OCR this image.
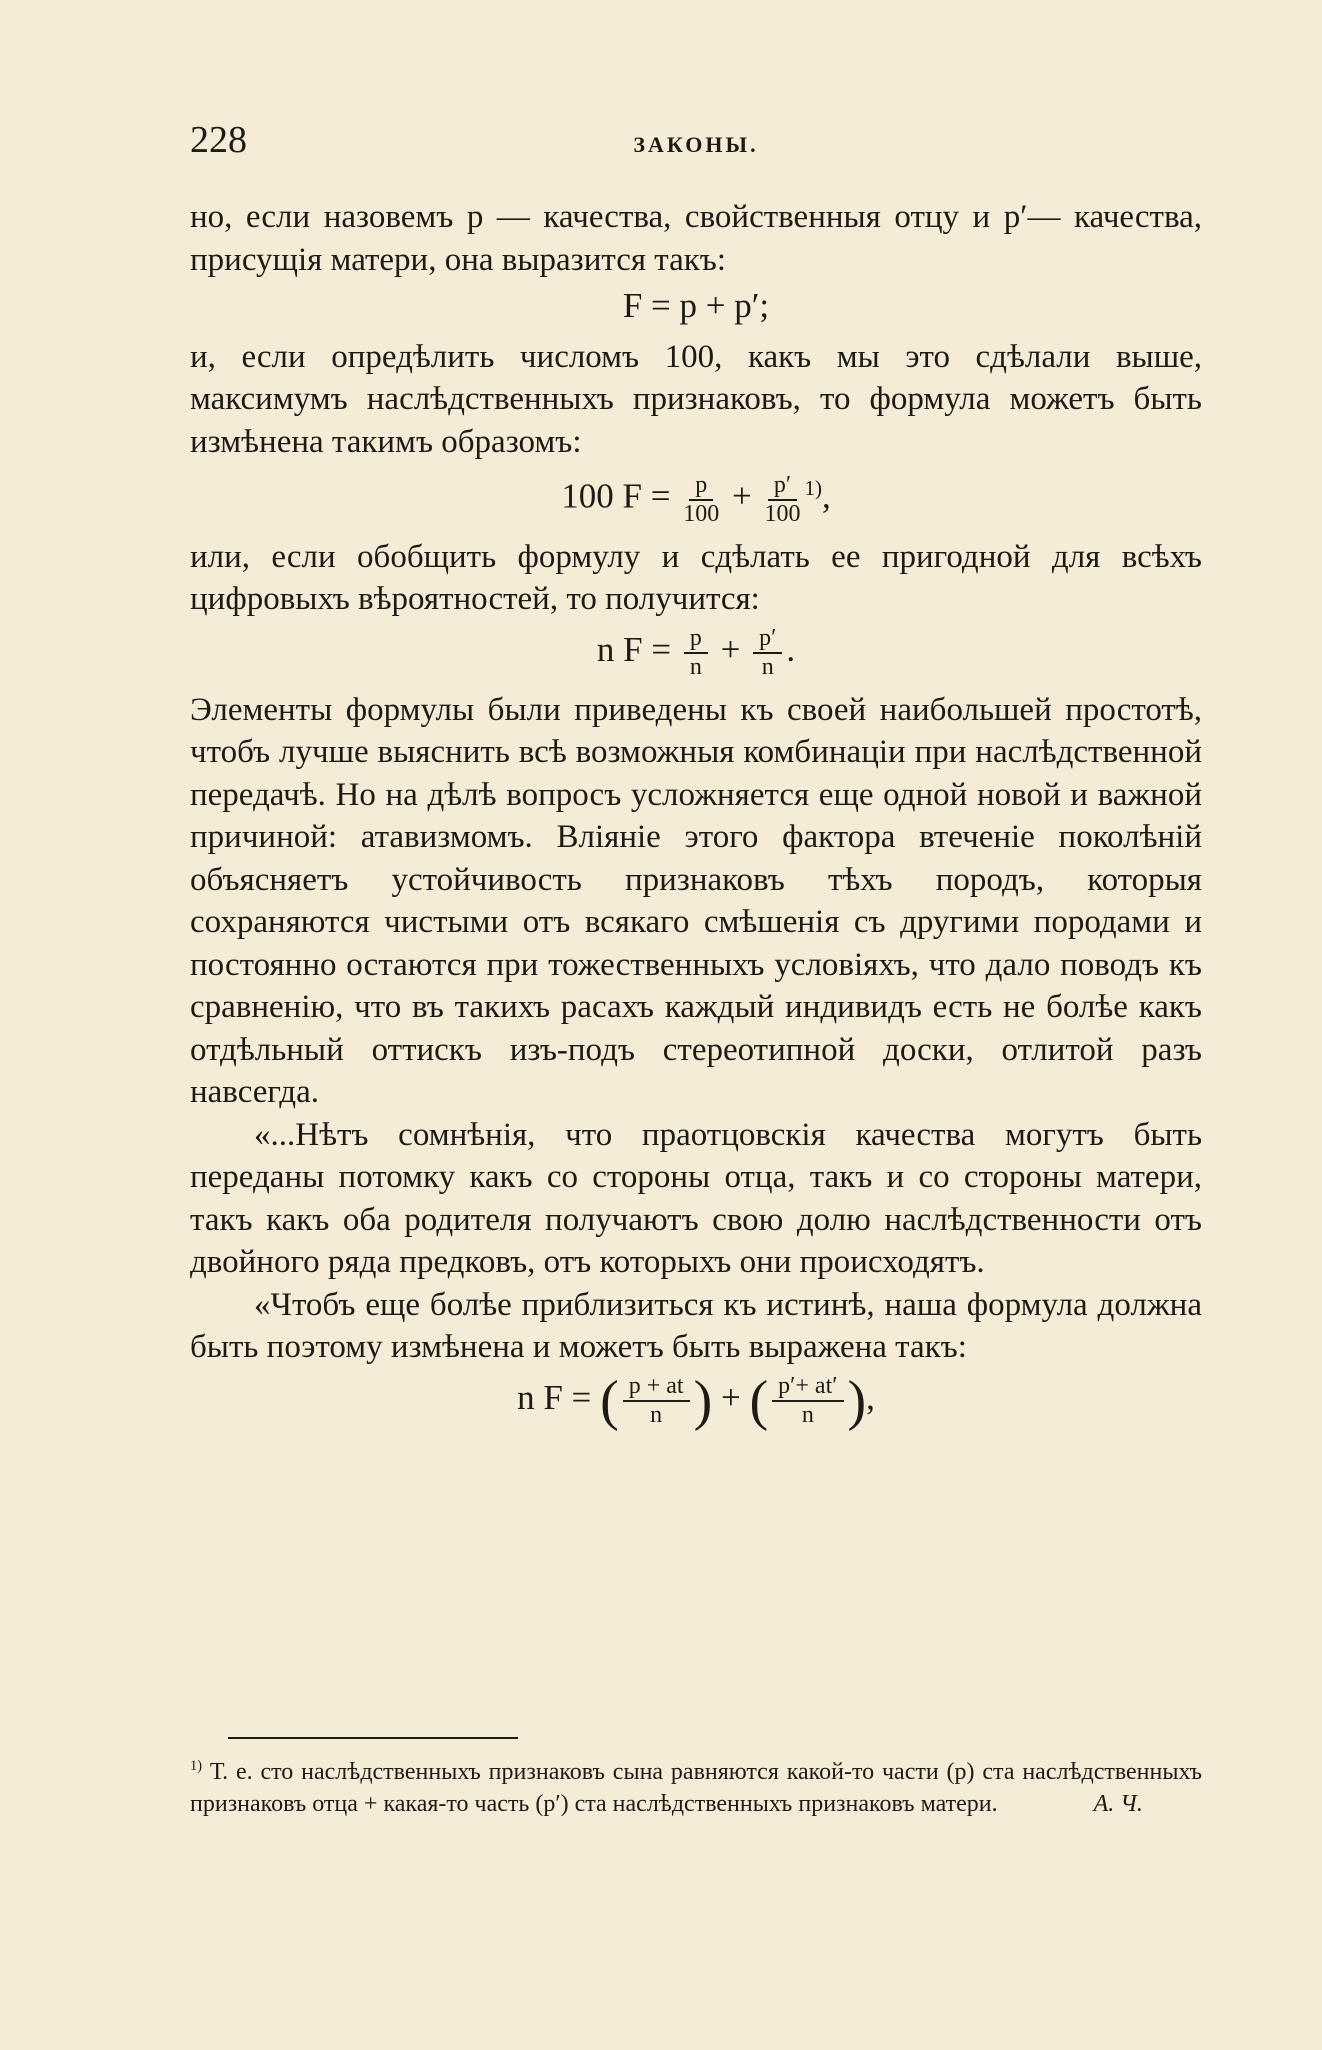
228	ЗАКОНЫ.

но, если назовемъ p — качества, свойственныя отцу и p′— качества, присущія матери, она выразится такъ:

F = p + p′;

и, если опредѣлить числомъ 100, какъ мы это сдѣлали выше, максимумъ наслѣдственныхъ признаковъ, то формула можетъ быть измѣнена такимъ образомъ:

100 $F = \frac{p}{100} + \frac{p'}{100} ^{1)}$,

или, если обобщить формулу и сдѣлать ее пригодной для всѣхъ цифровыхъ вѣроятностей, то получится:

n $F = \frac{p}{n} + \frac{p'}{n}$ .

Элементы формулы были приведены къ своей наибольшей простотѣ, чтобъ лучше выяснить всѣ возможныя комбинаціи при наслѣдственной передачѣ. Но на дѣлѣ вопросъ усложняется еще одной новой и важной причиной: атавизмомъ. Вліяніе этого фактора втеченіе поколѣній объясняетъ устойчивость признаковъ тѣхъ породъ, которыя сохраняются чистыми отъ всякаго смѣшенія съ другими породами и постоянно остаются при тожественныхъ условіяхъ, что дало поводъ къ сравненію, что въ такихъ расахъ каждый индивидъ есть не болѣе какъ отдѣльный оттискъ изъ-подъ стереотипной доски, отлитой разъ навсегда.

«...Нѣтъ сомнѣнія, что праотцовскія качества могутъ быть переданы потомку какъ со стороны отца, такъ и со стороны матери, такъ какъ оба родителя получаютъ свою долю наслѣдственности отъ двойного ряда предковъ, отъ которыхъ они происходятъ.

«Чтобъ еще болѣе приблизиться къ истинѣ, наша формула должна быть поэтому измѣнена и можетъ быть выражена такъ:

n F = ( $\frac{p + at}{n}$ ) + ( $\frac{p'+ at'}{n}$ ),

$^{1)}$ Т. е. сто наслѣдственныхъ признаковъ сына равняются какой-то части (p) ста наслѣдственныхъ признаковъ отца + какая-то часть (p′) ста наслѣдственныхъ признаковъ матери.	А. Ч.
